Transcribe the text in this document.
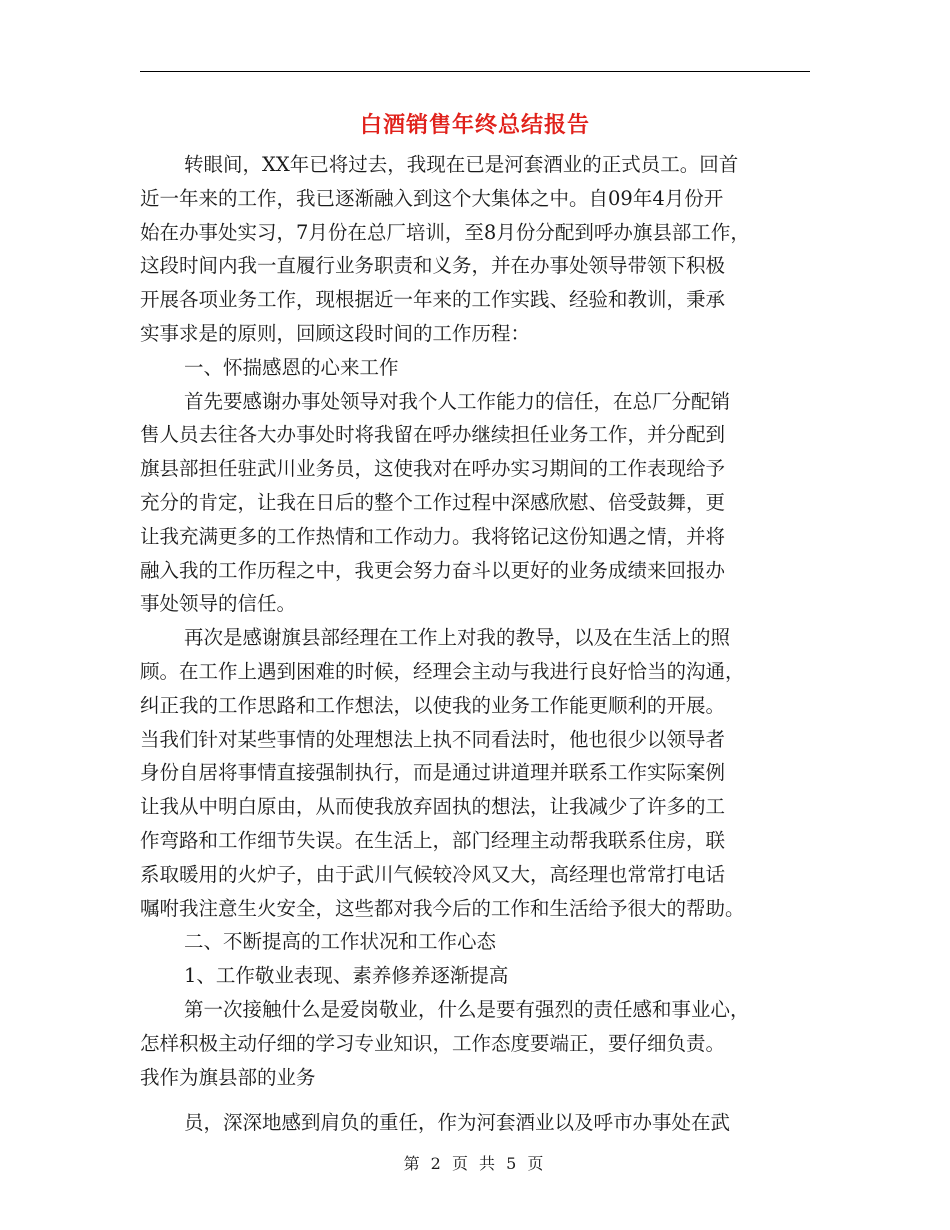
白酒销售年终总结报告
转眼间，XX年已将过去，我现在已是河套酒业的正式员工。回首
近一年来的工作，我已逐渐融入到这个大集体之中。自09年4月份开
始在办事处实习，7月份在总厂培训，至8月份分配到呼办旗县部工作，
这段时间内我一直履行业务职责和义务，并在办事处领导带领下积极
开展各项业务工作，现根据近一年来的工作实践、经验和教训，秉承
实事求是的原则，回顾这段时间的工作历程：
一、怀揣感恩的心来工作
首先要感谢办事处领导对我个人工作能力的信任，在总厂分配销
售人员去往各大办事处时将我留在呼办继续担任业务工作，并分配到
旗县部担任驻武川业务员，这使我对在呼办实习期间的工作表现给予
充分的肯定，让我在日后的整个工作过程中深感欣慰、倍受鼓舞，更
让我充满更多的工作热情和工作动力。我将铭记这份知遇之情，并将
融入我的工作历程之中，我更会努力奋斗以更好的业务成绩来回报办
事处领导的信任。
再次是感谢旗县部经理在工作上对我的教导，以及在生活上的照
顾。在工作上遇到困难的时候，经理会主动与我进行良好恰当的沟通，
纠正我的工作思路和工作想法，以使我的业务工作能更顺利的开展。
当我们针对某些事情的处理想法上执不同看法时，他也很少以领导者
身份自居将事情直接强制执行，而是通过讲道理并联系工作实际案例
让我从中明白原由，从而使我放弃固执的想法，让我减少了许多的工
作弯路和工作细节失误。在生活上，部门经理主动帮我联系住房，联
系取暖用的火炉子，由于武川气候较冷风又大，高经理也常常打电话
嘱咐我注意生火安全，这些都对我今后的工作和生活给予很大的帮助。
二、不断提高的工作状况和工作心态
1、工作敬业表现、素养修养逐渐提高
第一次接触什么是爱岗敬业，什么是要有强烈的责任感和事业心，
怎样积极主动仔细的学习专业知识，工作态度要端正，要仔细负责。
我作为旗县部的业务
员，深深地感到肩负的重任，作为河套酒业以及呼市办事处在武
第 2 页 共 5 页
